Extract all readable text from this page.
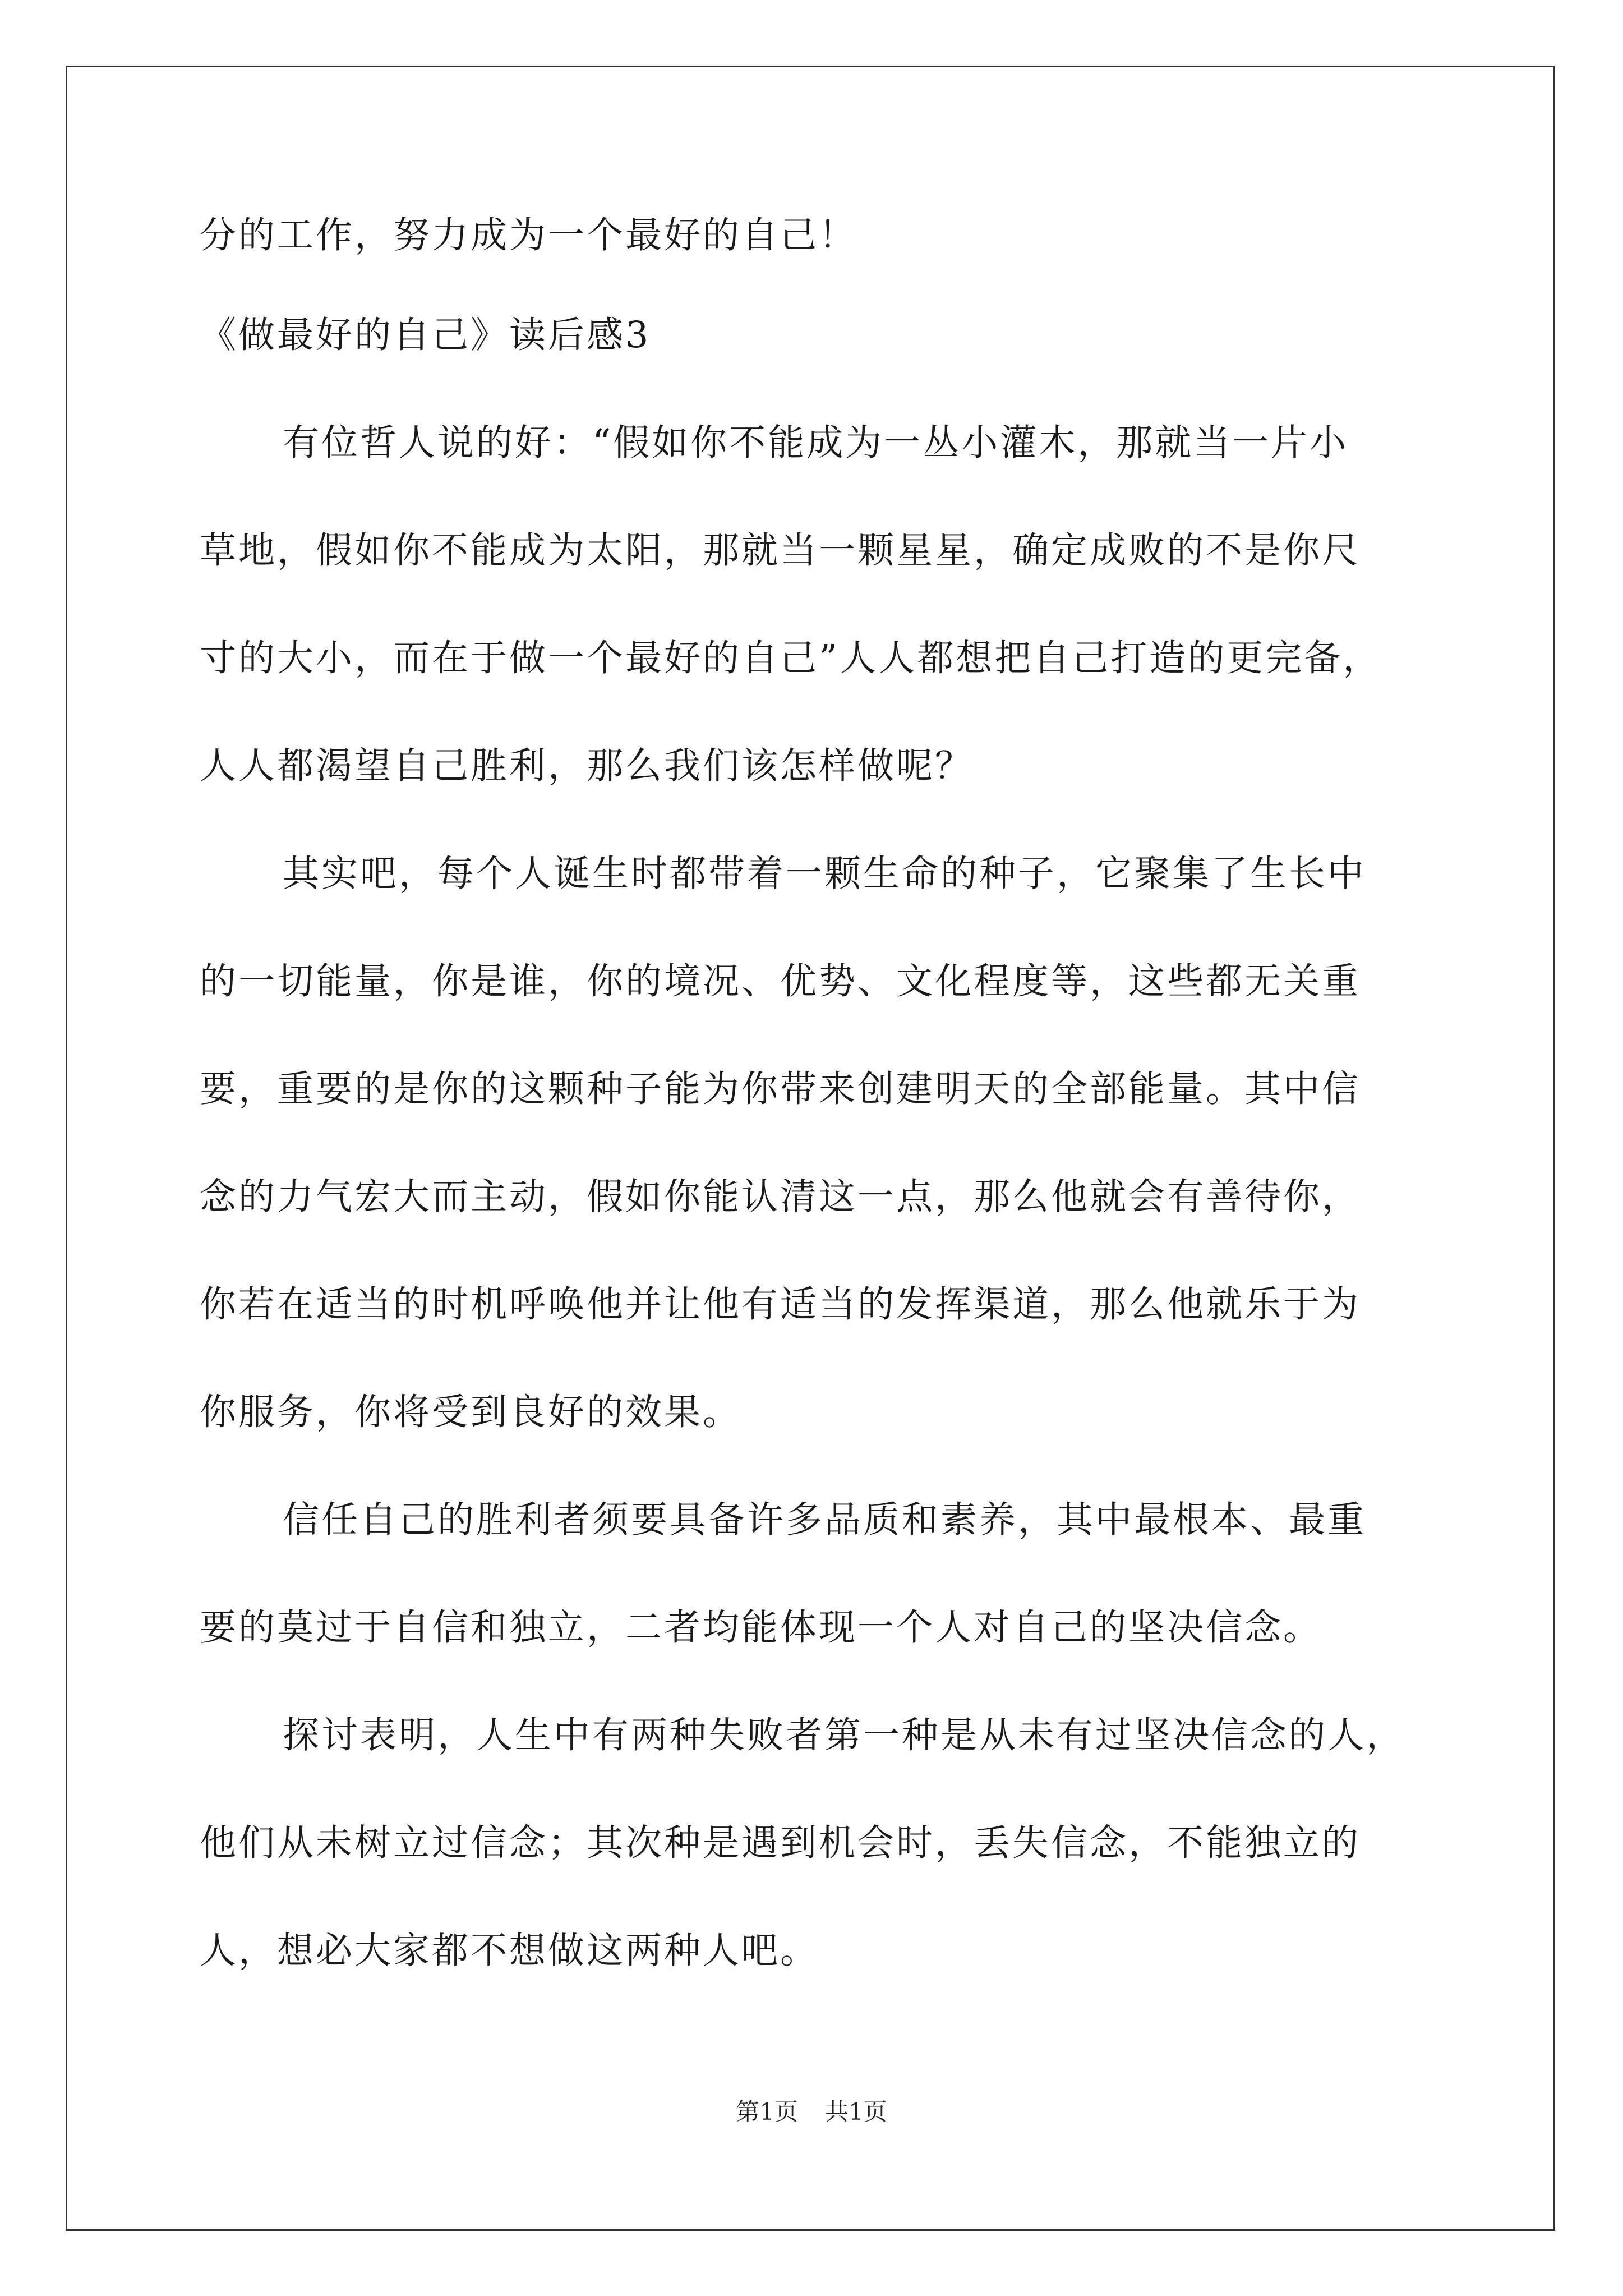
分的工作，努力成为一个最好的自己！
《做最好的自己》读后感3
有位哲人说的好：“假如你不能成为一丛小灌木，那就当一片小
草地，假如你不能成为太阳，那就当一颗星星，确定成败的不是你尺
寸的大小，而在于做一个最好的自己”人人都想把自己打造的更完备，
人人都渴望自己胜利，那么我们该怎样做呢？
其实吧，每个人诞生时都带着一颗生命的种子，它聚集了生长中
的一切能量，你是谁，你的境况、优势、文化程度等，这些都无关重
要，重要的是你的这颗种子能为你带来创建明天的全部能量。其中信
念的力气宏大而主动，假如你能认清这一点，那么他就会有善待你，
你若在适当的时机呼唤他并让他有适当的发挥渠道，那么他就乐于为
你服务，你将受到良好的效果。
信任自己的胜利者须要具备许多品质和素养，其中最根本、最重
要的莫过于自信和独立，二者均能体现一个人对自己的坚决信念。
探讨表明，人生中有两种失败者第一种是从未有过坚决信念的人，
他们从未树立过信念；其次种是遇到机会时，丢失信念，不能独立的
人，想必大家都不想做这两种人吧。
第1页 共1页
